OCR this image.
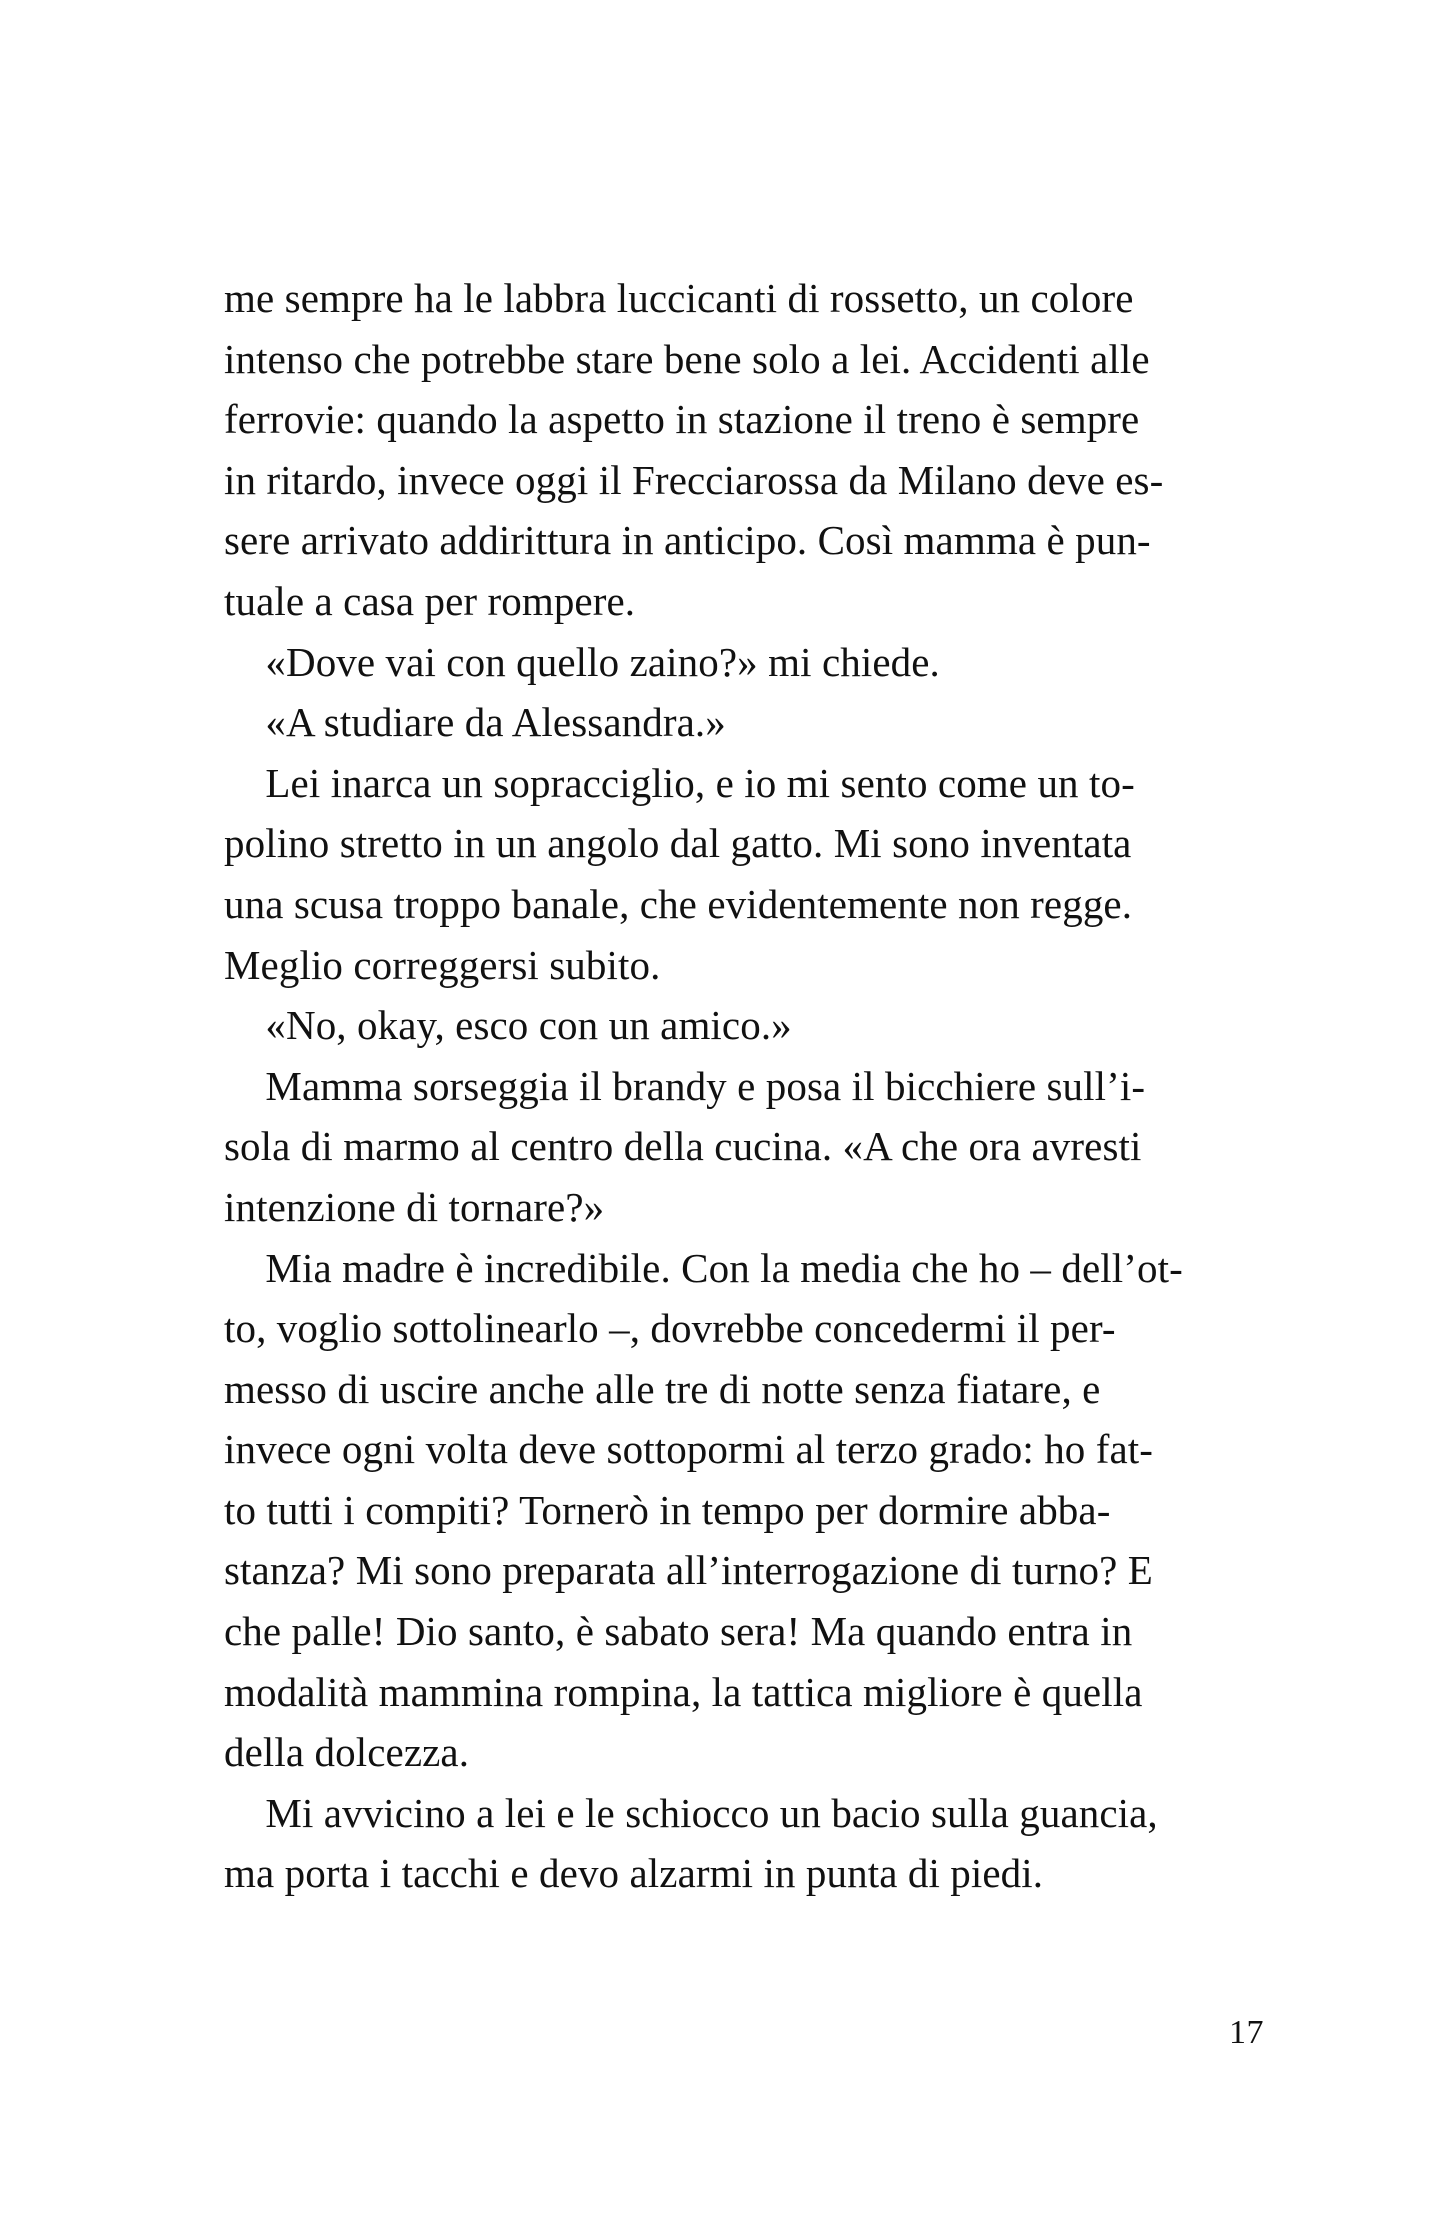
me sempre ha le labbra luccicanti di rossetto, un colore
intenso che potrebbe stare bene solo a lei. Accidenti alle
ferrovie: quando la aspetto in stazione il treno è sempre
in ritardo, invece oggi il Frecciarossa da Milano deve es-
sere arrivato addirittura in anticipo. Così mamma è pun-
tuale a casa per rompere.
«Dove vai con quello zaino?» mi chiede.
«A studiare da Alessandra.»
Lei inarca un sopracciglio, e io mi sento come un to-
polino stretto in un angolo dal gatto. Mi sono inventata
una scusa troppo banale, che evidentemente non regge.
Meglio correggersi subito.
«No, okay, esco con un amico.»
Mamma sorseggia il brandy e posa il bicchiere sull’i-
sola di marmo al centro della cucina. «A che ora avresti
intenzione di tornare?»
Mia madre è incredibile. Con la media che ho – dell’ot-
to, voglio sottolinearlo –, dovrebbe concedermi il per-
messo di uscire anche alle tre di notte senza fiatare, e
invece ogni volta deve sottopormi al terzo grado: ho fat-
to tutti i compiti? Tornerò in tempo per dormire abba-
stanza? Mi sono preparata all’interrogazione di turno? E
che palle! Dio santo, è sabato sera! Ma quando entra in
modalità mammina rompina, la tattica migliore è quella
della dolcezza.
Mi avvicino a lei e le schiocco un bacio sulla guancia,
ma porta i tacchi e devo alzarmi in punta di piedi.
17
